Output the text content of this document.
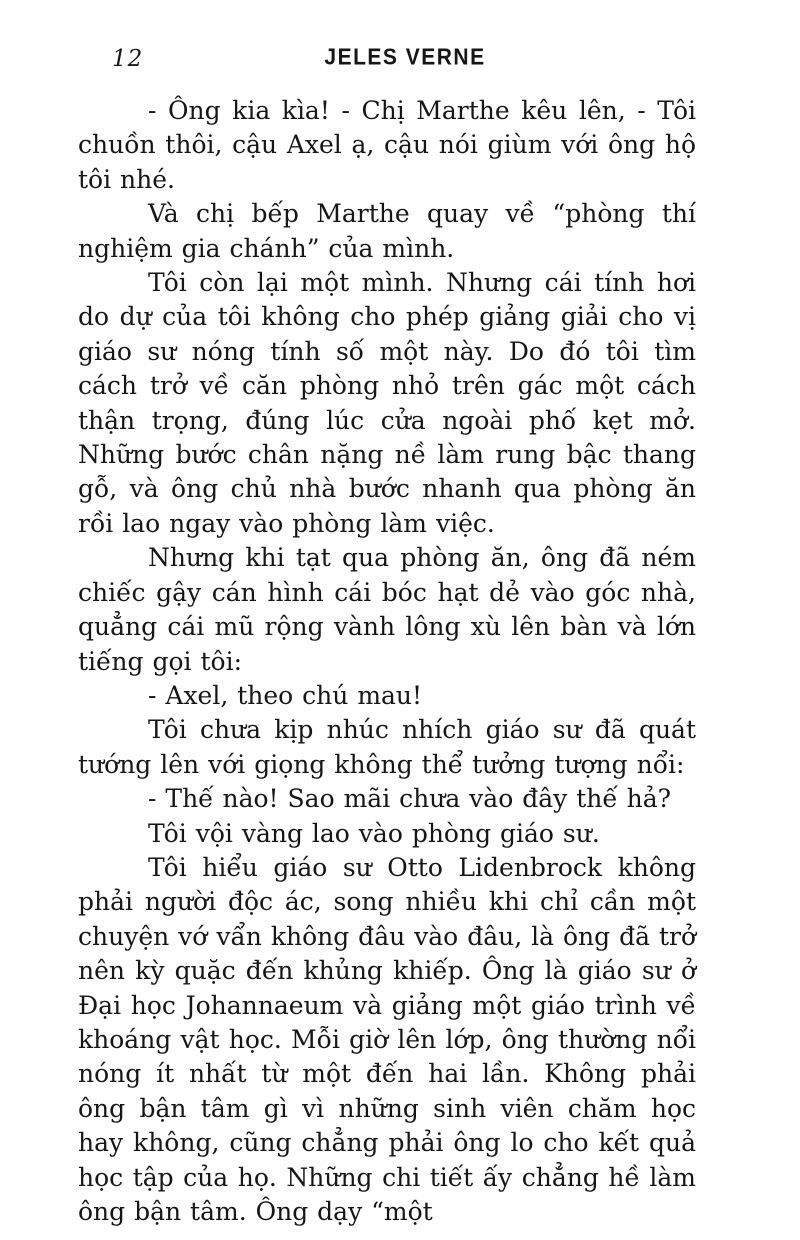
12	JELES VERNE

- Ông kia kìa! - Chị Marthe kêu lên, - Tôi chuồn thôi, cậu Axel ạ, cậu nói giùm với ông hộ tôi nhé.

Và chị bếp Marthe quay về “phòng thí nghiệm gia chánh” của mình.

Tôi còn lại một mình. Nhưng cái tính hơi do dự của tôi không cho phép giảng giải cho vị giáo sư nóng tính số một này. Do đó tôi tìm cách trở về căn phòng nhỏ trên gác một cách thận trọng, đúng lúc cửa ngoài phố kẹt mở. Những bước chân nặng nề làm rung bậc thang gỗ, và ông chủ nhà bước nhanh qua phòng ăn rồi lao ngay vào phòng làm việc.

Nhưng khi tạt qua phòng ăn, ông đã ném chiếc gậy cán hình cái bóc hạt dẻ vào góc nhà, quẳng cái mũ rộng vành lông xù lên bàn và lớn tiếng gọi tôi:

- Axel, theo chú mau!

Tôi chưa kịp nhúc nhích giáo sư đã quát tướng lên với giọng không thể tưởng tượng nổi:

- Thế nào! Sao mãi chưa vào đây thế hả?

Tôi vội vàng lao vào phòng giáo sư.

Tôi hiểu giáo sư Otto Lidenbrock không phải người độc ác, song nhiều khi chỉ cần một chuyện vớ vẩn không đâu vào đâu, là ông đã trở nên kỳ quặc đến khủng khiếp. Ông là giáo sư ở Đại học Johannaeum và giảng một giáo trình về khoáng vật học. Mỗi giờ lên lớp, ông thường nổi nóng ít nhất từ một đến hai lần. Không phải ông bận tâm gì vì những sinh viên chăm học hay không, cũng chẳng phải ông lo cho kết quả học tập của họ. Những chi tiết ấy chẳng hề làm ông bận tâm. Ông dạy “một
